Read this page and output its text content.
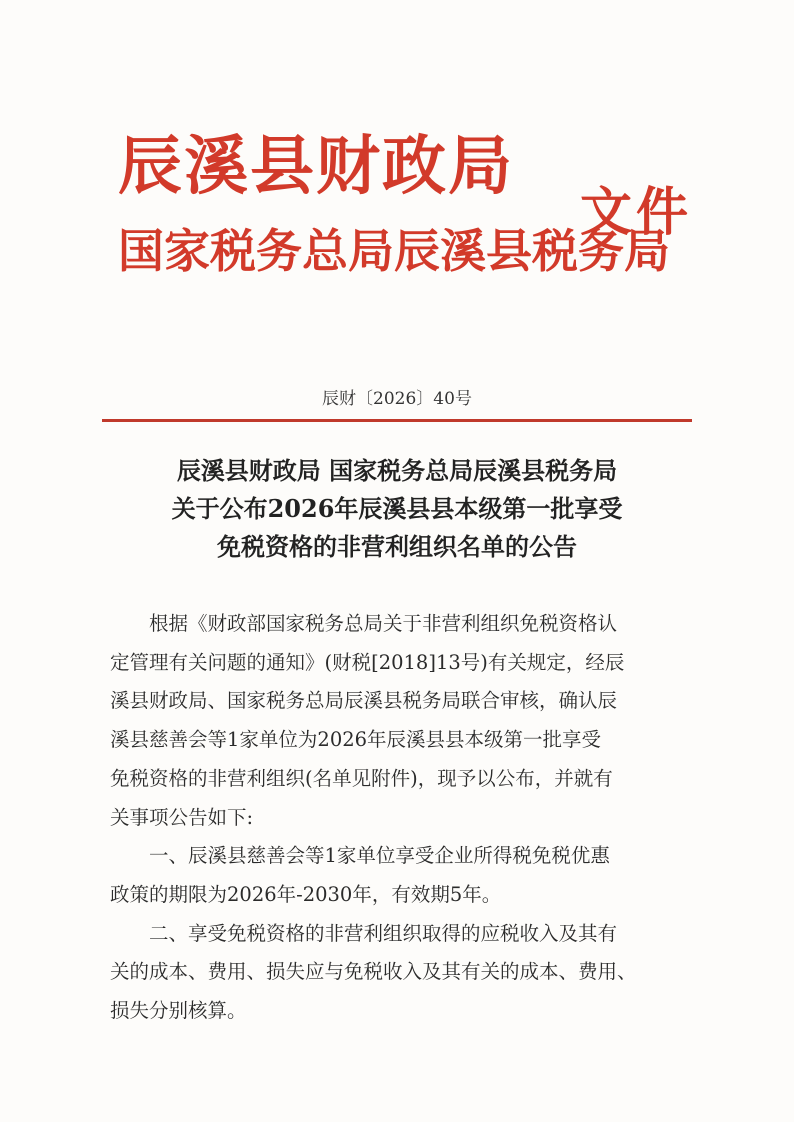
辰溪县财政局
国家税务总局辰溪县税务局
文件
辰财〔2026〕40号
辰溪县财政局 国家税务总局辰溪县税务局
关于公布2026年辰溪县县本级第一批享受
免税资格的非营利组织名单的公告
根据《财政部国家税务总局关于非营利组织免税资格认
定管理有关问题的通知》(财税[2018]13号)有关规定，经辰
溪县财政局、国家税务总局辰溪县税务局联合审核，确认辰
溪县慈善会等1家单位为2026年辰溪县县本级第一批享受
免税资格的非营利组织(名单见附件)，现予以公布，并就有
关事项公告如下:
一、辰溪县慈善会等1家单位享受企业所得税免税优惠
政策的期限为2026年-2030年，有效期5年。
二、享受免税资格的非营利组织取得的应税收入及其有
关的成本、费用、损失应与免税收入及其有关的成本、费用、
损失分别核算。
